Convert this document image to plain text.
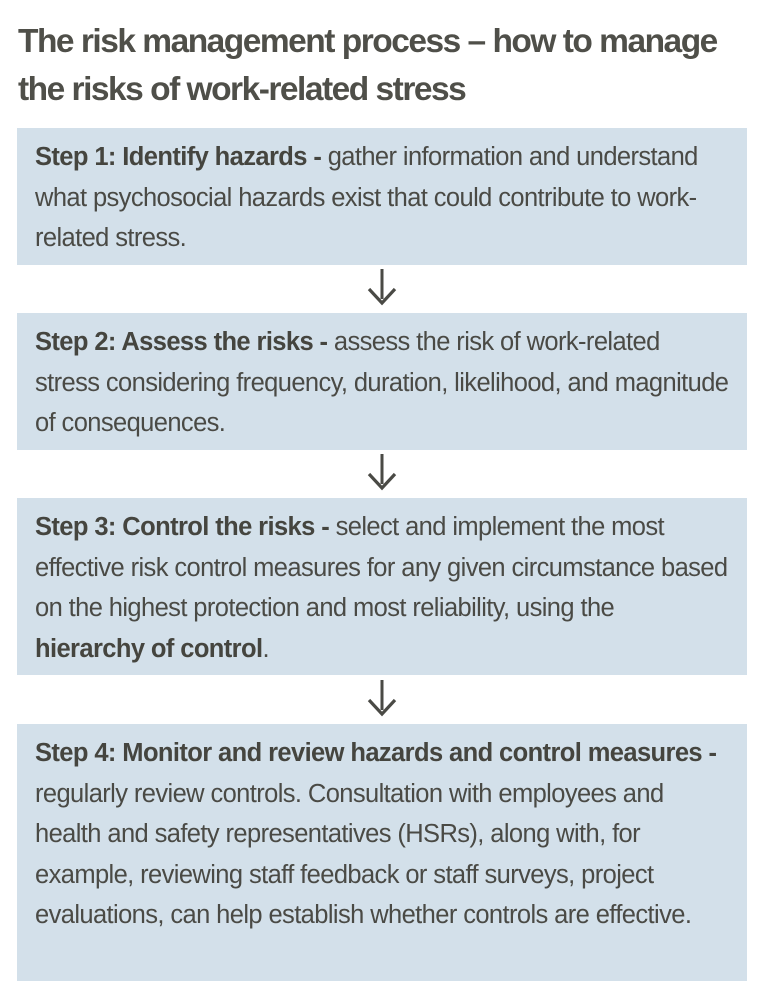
The risk management process – how to manage the risks of work-related stress
Step 1: Identify hazards - gather information and understand what psychosocial hazards exist that could contribute to work-related stress.
Step 2: Assess the risks - assess the risk of work-related stress considering frequency, duration, likelihood, and magnitude of consequences.
Step 3: Control the risks - select and implement the most effective risk control measures for any given circumstance based on the highest protection and most reliability, using the hierarchy of control.
Step 4: Monitor and review hazards and control measures - regularly review controls. Consultation with employees and health and safety representatives (HSRs), along with, for example, reviewing staff feedback or staff surveys, project evaluations, can help establish whether controls are effective.
